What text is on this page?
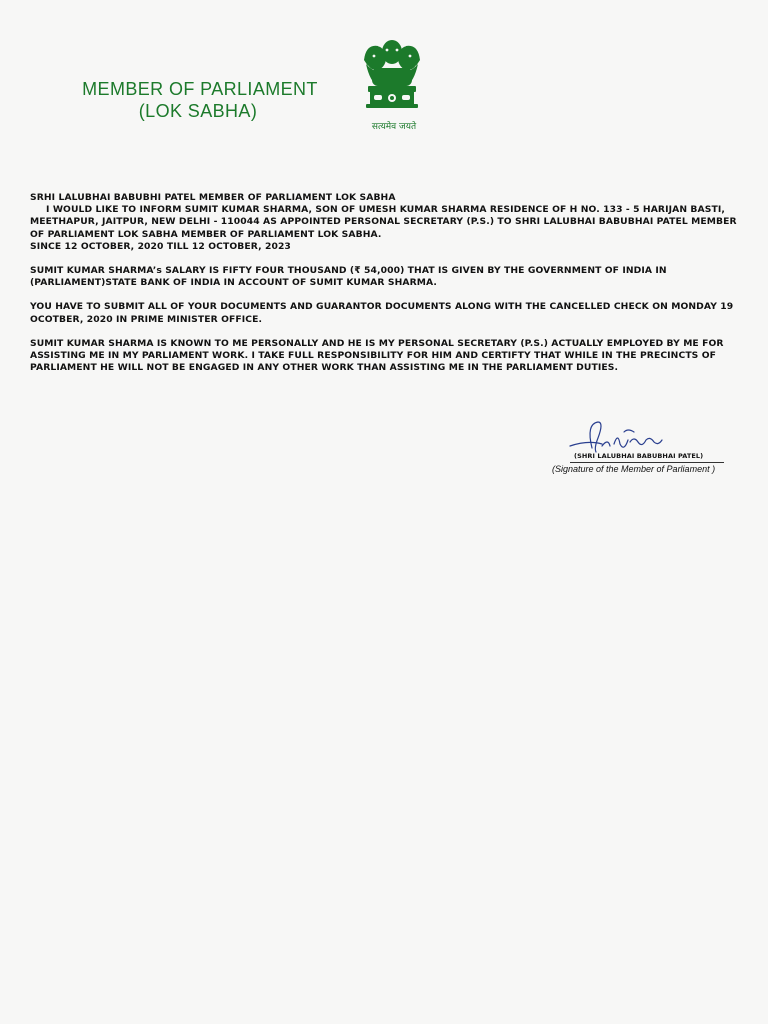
MEMBER OF PARLIAMENT

(LOK SABHA)
सत्यमेव जयते

SRHI LALUBHAI BABUBHI PATEL MEMBER OF PARLIAMENT LOK SABHA

I WOULD LIKE TO INFORM SUMIT KUMAR SHARMA, SON OF UMESH KUMAR SHARMA RESIDENCE OF H NO. 133 - 5 HARIJAN BASTI, MEETHAPUR, JAITPUR, NEW DELHI - 110044 AS APPOINTED PERSONAL SECRETARY (P.S.) TO SHRI LALUBHAI BABUBHAI PATEL MEMBER OF PARLIAMENT LOK SABHA MEMBER OF PARLIAMENT LOK SABHA.

SINCE 12 OCTOBER, 2020 TILL 12 OCTOBER, 2023

SUMIT KUMAR SHARMA’s SALARY IS FIFTY FOUR THOUSAND (₹ 54,000) THAT IS GIVEN BY THE GOVERNMENT OF INDIA IN (PARLIAMENT)STATE BANK OF INDIA IN ACCOUNT OF SUMIT KUMAR SHARMA.

YOU HAVE TO SUBMIT ALL OF YOUR DOCUMENTS AND GUARANTOR DOCUMENTS ALONG WITH THE CANCELLED CHECK ON MONDAY 19 OCOTBER, 2020 IN PRIME MINISTER OFFICE.

SUMIT KUMAR SHARMA IS KNOWN TO ME PERSONALLY AND HE IS MY PERSONAL SECRETARY (P.S.) ACTUALLY EMPLOYED BY ME FOR ASSISTING ME IN MY PARLIAMENT WORK. I TAKE FULL RESPONSIBILITY FOR HIM AND CERTIFTY THAT WHILE IN THE PRECINCTS OF PARLIAMENT HE WILL NOT BE ENGAGED IN ANY OTHER WORK THAN ASSISTING ME IN THE PARLIAMENT DUTIES.

(SHRI LALUBHAI BABUBHAI PATEL)
(Signature of the Member of Parliament )
